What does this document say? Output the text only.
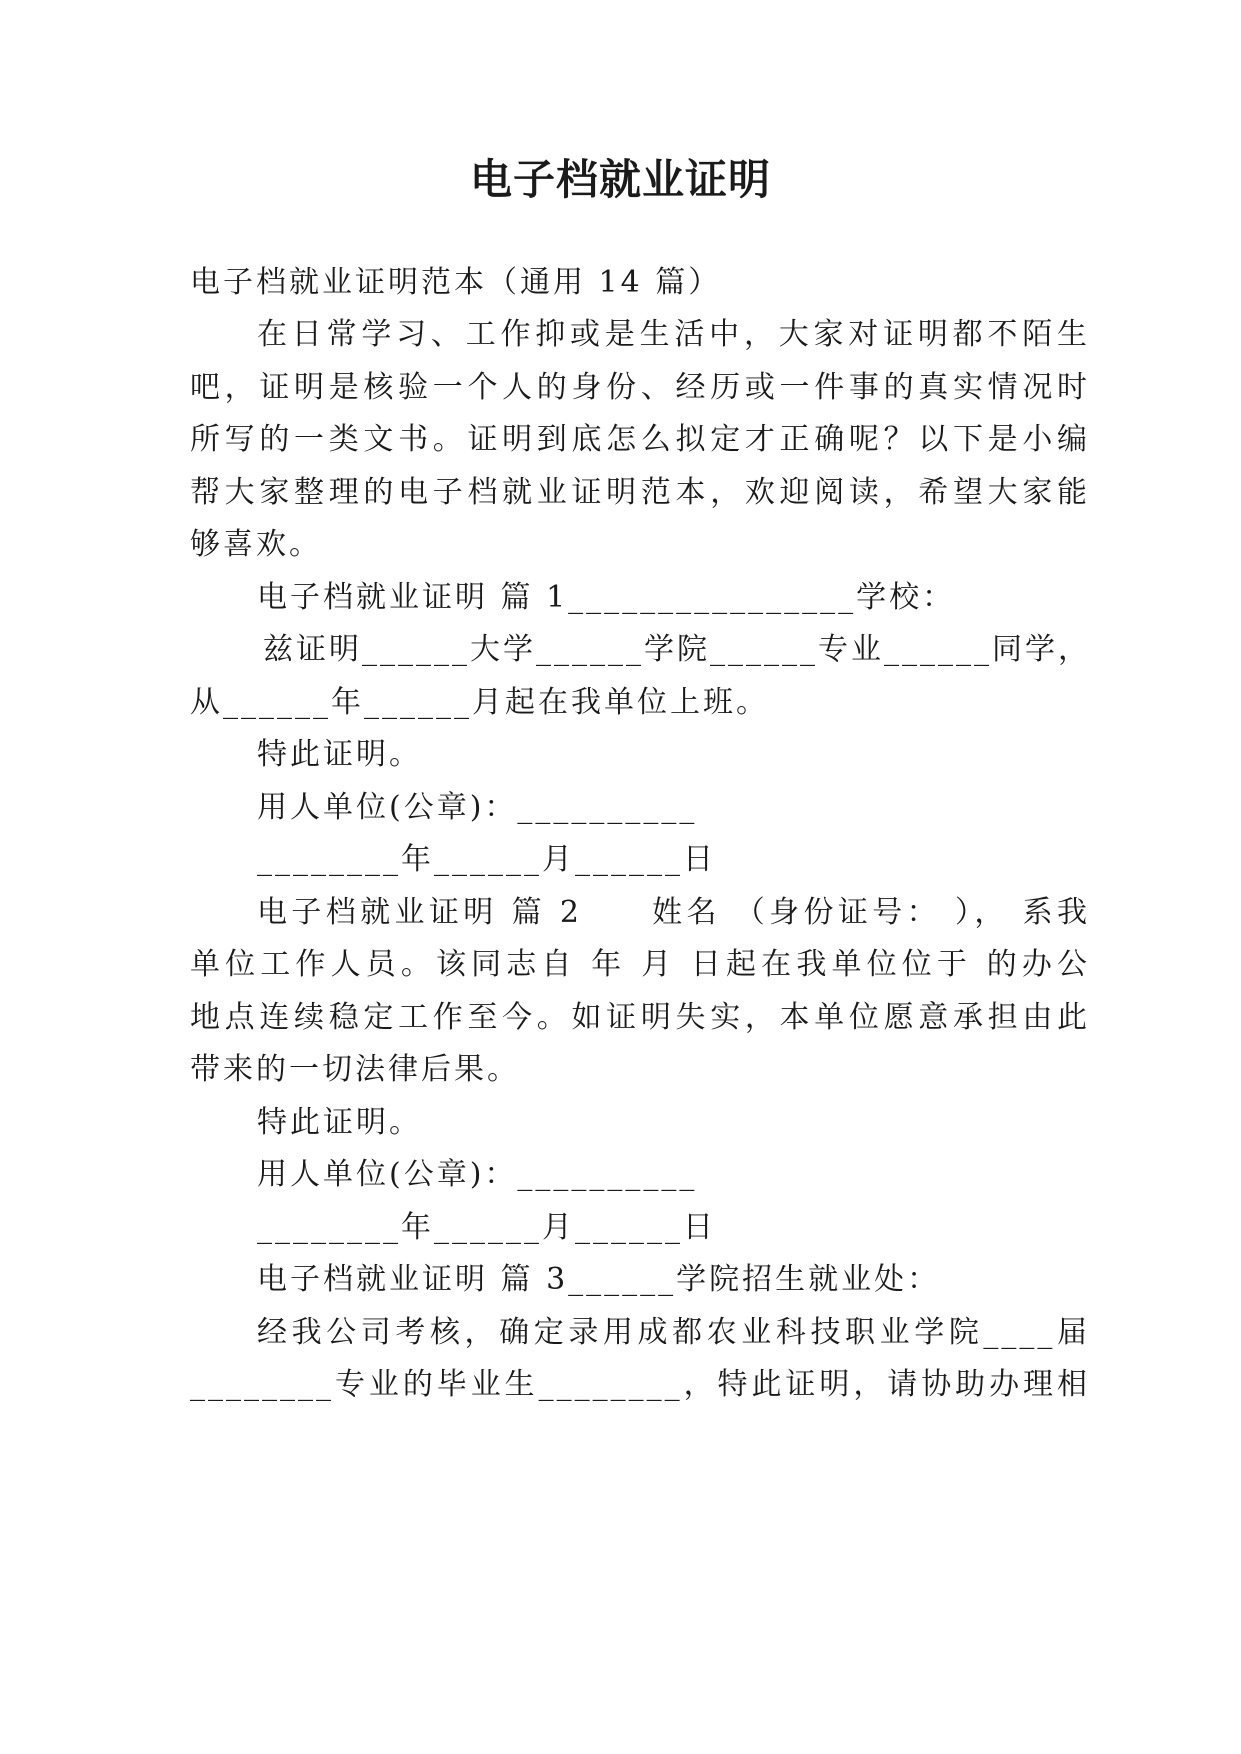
电子档就业证明

电子档就业证明范本（通用 14 篇）

在日常学习、工作抑或是生活中，大家对证明都不陌生

吧，证明是核验一个人的身份、经历或一件事的真实情况时

所写的一类文书。证明到底怎么拟定才正确呢？以下是小编

帮大家整理的电子档就业证明范本，欢迎阅读，希望大家能

够喜欢。

电子档就业证明 篇 1________________学校：

兹证明______大学______学院______专业______同学，

从______年______月起在我单位上班。

特此证明。

用人单位(公章)：__________

________年______月______日

电子档就业证明 篇 2　　姓名 （身份证号： ）， 系我

单位工作人员。该同志自 年 月 日起在我单位位于 的办公

地点连续稳定工作至今。如证明失实，本单位愿意承担由此

带来的一切法律后果。

特此证明。

用人单位(公章)：__________

________年______月______日

电子档就业证明 篇 3______学院招生就业处：

经我公司考核，确定录用成都农业科技职业学院____届

________专业的毕业生________，特此证明，请协助办理相
